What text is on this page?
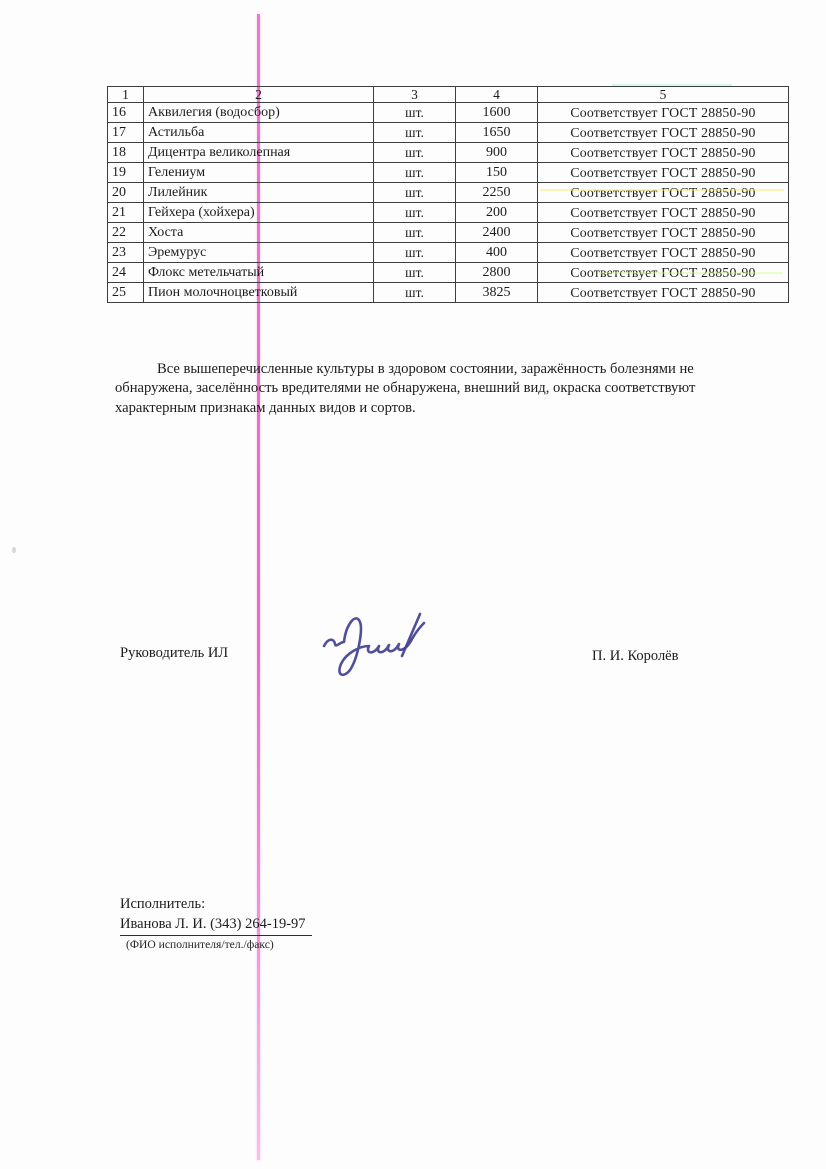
1	2	3	4	5
16	Аквилегия (водосбор)	шт.	1600	Соответствует ГОСТ 28850-90
17	Астильба	шт.	1650	Соответствует ГОСТ 28850-90
18	Дицентра великолепная	шт.	900	Соответствует ГОСТ 28850-90
19	Гелениум	шт.	150	Соответствует ГОСТ 28850-90
20	Лилейник	шт.	2250	Соответствует ГОСТ 28850-90
21	Гейхера (хойхера)	шт.	200	Соответствует ГОСТ 28850-90
22	Хоста	шт.	2400	Соответствует ГОСТ 28850-90
23	Эремурус	шт.	400	Соответствует ГОСТ 28850-90
24	Флокс метельчатый	шт.	2800	Соответствует ГОСТ 28850-90
25	Пион молочноцветковый	шт.	3825	Соответствует ГОСТ 28850-90

Все вышеперечисленные культуры в здоровом состоянии, заражённость болезнями не обнаружена, заселённость вредителями не обнаружена, внешний вид, окраска соответствуют характерным признакам данных видов и сортов.

Руководитель ИЛ	П. И. Королёв
Исполнитель:
Иванова Л. И. (343) 264-19-97
(ФИО исполнителя/тел./факс)
